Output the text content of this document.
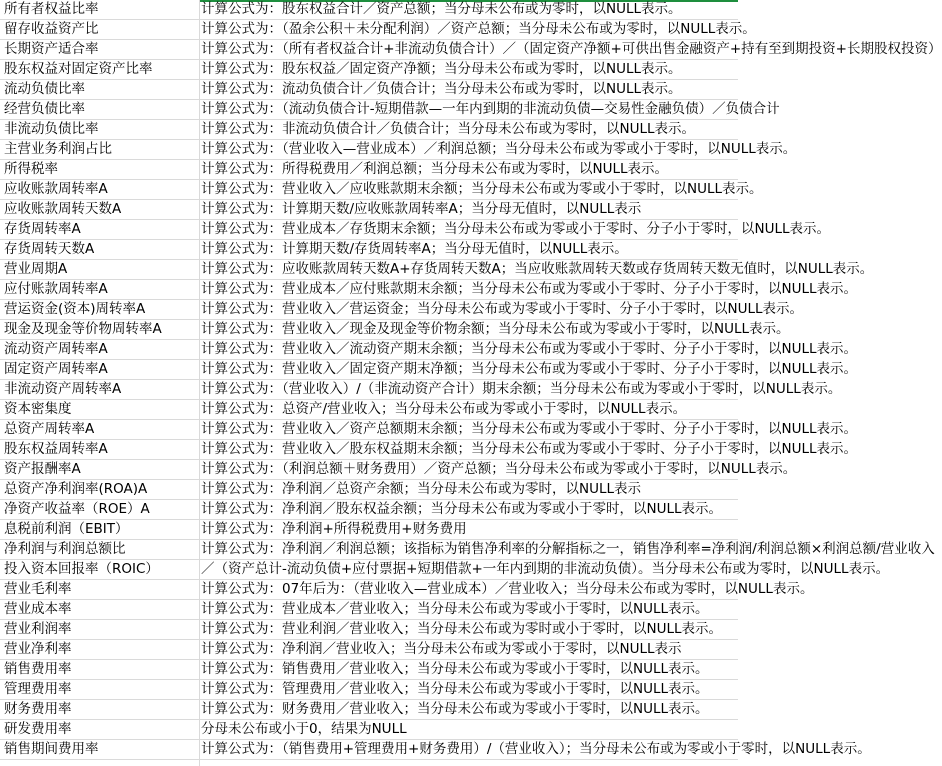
所有者权益比率	计算公式为：股东权益合计／资产总额；当分母未公布或为零时，以NULL表示。
留存收益资产比	计算公式为：（盈余公积＋未分配利润）／资产总额；当分母未公布或为零时，以NULL表示。
长期资产适合率	计算公式为：（所有者权益合计+非流动负债合计）／（固定资产净额+可供出售金融资产+持有至到期投资+长期股权投资）
股东权益对固定资产比率	计算公式为：股东权益／固定资产净额；当分母未公布或为零时，以NULL表示。
流动负债比率	计算公式为：流动负债合计／负债合计；当分母未公布或为零时，以NULL表示。
经营负债比率	计算公式为：（流动负债合计-短期借款—一年内到期的非流动负债—交易性金融负债）／负债合计
非流动负债比率	计算公式为：非流动负债合计／负债合计；当分母未公布或为零时，以NULL表示。
主营业务利润占比	计算公式为：（营业收入—营业成本）／利润总额；当分母未公布或为零或小于零时，以NULL表示。
所得税率	计算公式为：所得税费用／利润总额；当分母未公布或为零时，以NULL表示。
应收账款周转率A	计算公式为：营业收入／应收账款期末余额；当分母未公布或为零或小于零时，以NULL表示。
应收账款周转天数A	计算公式为：计算期天数/应收账款周转率A；当分母无值时，以NULL表示
存货周转率A	计算公式为：营业成本／存货期末余额；当分母未公布或为零或小于零时、分子小于零时，以NULL表示。
存货周转天数A	计算公式为：计算期天数/存货周转率A；当分母无值时，以NULL表示。
营业周期A	计算公式为：应收账款周转天数A+存货周转天数A；当应收账款周转天数或存货周转天数无值时，以NULL表示。
应付账款周转率A	计算公式为：营业成本／应付账款期末余额；当分母未公布或为零或小于零时、分子小于零时，以NULL表示。
营运资金(资本)周转率A	计算公式为：营业收入／营运资金；当分母未公布或为零或小于零时、分子小于零时，以NULL表示。
现金及现金等价物周转率A	计算公式为：营业收入／现金及现金等价物余额；当分母未公布或为零或小于零时，以NULL表示。
流动资产周转率A	计算公式为：营业收入／流动资产期末余额；当分母未公布或为零或小于零时、分子小于零时，以NULL表示。
固定资产周转率A	计算公式为：营业收入／固定资产期末净额；当分母未公布或为零或小于零时、分子小于零时，以NULL表示。
非流动资产周转率A	计算公式为：（营业收入）/（非流动资产合计）期末余额；当分母未公布或为零或小于零时，以NULL表示。
资本密集度	计算公式为：总资产/营业收入；当分母未公布或为零或小于零时，以NULL表示。
总资产周转率A	计算公式为：营业收入／资产总额期末余额；当分母未公布或为零或小于零时、分子小于零时，以NULL表示。
股东权益周转率A	计算公式为：营业收入／股东权益期末余额；当分母未公布或为零或小于零时、分子小于零时，以NULL表示。
资产报酬率A	计算公式为：（利润总额＋财务费用）／资产总额；当分母未公布或为零或小于零时，以NULL表示。
总资产净利润率(ROA)A	计算公式为：净利润／总资产余额；当分母未公布或为零时，以NULL表示
净资产收益率（ROE）A	计算公式为：净利润／股东权益余额；当分母未公布或为零或小于零时，以NULL表示。
息税前利润（EBIT）	计算公式为：净利润+所得税费用+财务费用
净利润与利润总额比	计算公式为：净利润／利润总额；该指标为销售净利率的分解指标之一，销售净利率=净利润/利润总额×利润总额/营业收入
投入资本回报率（ROIC）	／（资产总计-流动负债+应付票据+短期借款+一年内到期的非流动负债）。当分母未公布或为零时，以NULL表示。
营业毛利率	计算公式为：07年后为：（营业收入—营业成本）／营业收入；当分母未公布或为零时，以NULL表示。
营业成本率	计算公式为：营业成本／营业收入；当分母未公布或为零或小于零时，以NULL表示。
营业利润率	计算公式为：营业利润／营业收入；当分母未公布或为零时或小于零时，以NULL表示。
营业净利率	计算公式为：净利润／营业收入；当分母未公布或为零或小于零时，以NULL表示
销售费用率	计算公式为：销售费用／营业收入；当分母未公布或为零或小于零时，以NULL表示。
管理费用率	计算公式为：管理费用／营业收入；当分母未公布或为零或小于零时，以NULL表示。
财务费用率	计算公式为：财务费用／营业收入；当分母未公布或为零或小于零时，以NULL表示。
研发费用率	分母未公布或小于0，结果为NULL
销售期间费用率	计算公式为：（销售费用+管理费用+财务费用）/（营业收入）；当分母未公布或为零或小于零时，以NULL表示。
